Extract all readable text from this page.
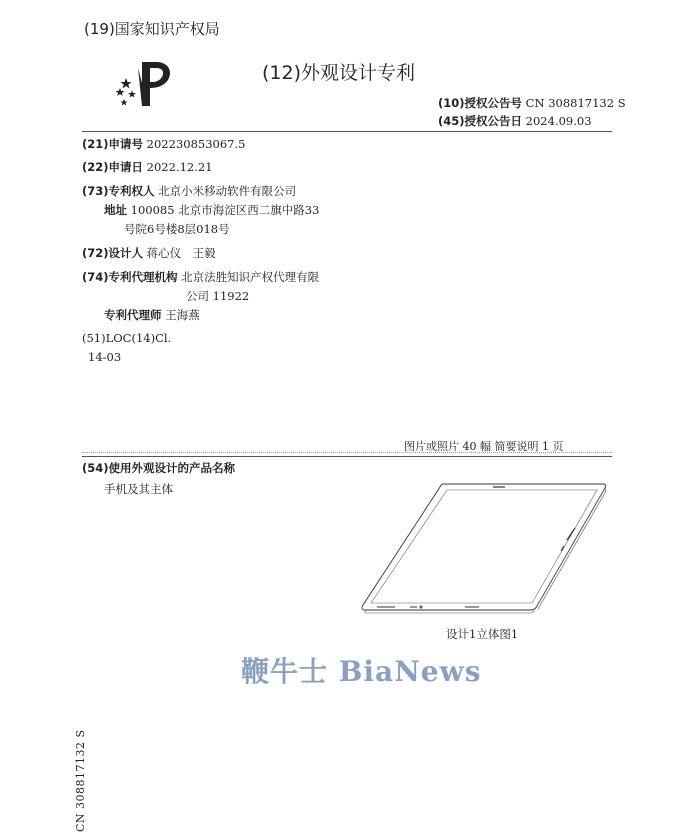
(19)国家知识产权局
(12)外观设计专利
(10)授权公告号 CN 308817132 S
(45)授权公告日 2024.09.03
(21)申请号 202230853067.5
(22)申请日 2022.12.21
(73)专利权人 北京小米移动软件有限公司
地址 100085 北京市海淀区西二旗中路33
号院6号楼8层018号
(72)设计人 蒋心仪　王毅
(74)专利代理机构 北京法胜知识产权代理有限
公司 11922
专利代理师 王海燕
(51)LOC(14)Cl.
14-03
图片或照片 40 幅 简要说明 1 页
(54)使用外观设计的产品名称
手机及其主体
设计1立体图1
鞭牛士 BiaNews
CN 308817132 S
